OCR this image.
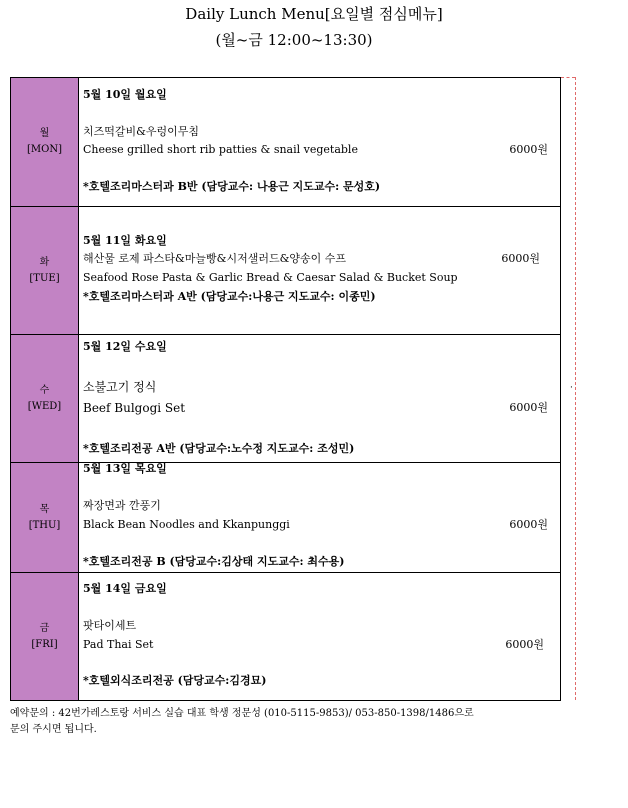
Daily Lunch Menu[요일별 점심메뉴]
(월~금 12:00~13:30)
월
[MON]	5월 10일 월요일
치즈떡갈비&우렁이무침
Cheese grilled short rib patties & snail vegetable 6000원
*호텔조리마스터과 B반 (담당교수: 나용근 지도교수: 문성호)

화
[TUE]	5월 11일 화요일
해산물 로제 파스타&마늘빵&시저샐러드&양송이 수프 6000원
Seafood Rose Pasta & Garlic Bread & Caesar Salad & Bucket Soup
*호텔조리마스터과 A반 (담당교수:나용근 지도교수: 이종민)

수
[WED]	5월 12일 수요일
소불고기 정식
Beef Bulgogi Set 6000원
*호텔조리전공 A반 (담당교수:노수정 지도교수: 조성민)

목
[THU]	5월 13일 목요일
짜장면과 깐풍기
Black Bean Noodles and Kkanpunggi 6000원
*호텔조리전공 B (담당교수:김상태 지도교수: 최수용)

금
[FRI]	5월 14일 금요일
팟타이세트
Pad Thai Set 6000원
*호텔외식조리전공 (담당교수:김경묘)
·
예약문의 : 42번가레스토랑 서비스 실습 대표 학생 정문성 (010-5115-9853)/ 053-850-1398/1486으로
문의 주시면 됩니다.
